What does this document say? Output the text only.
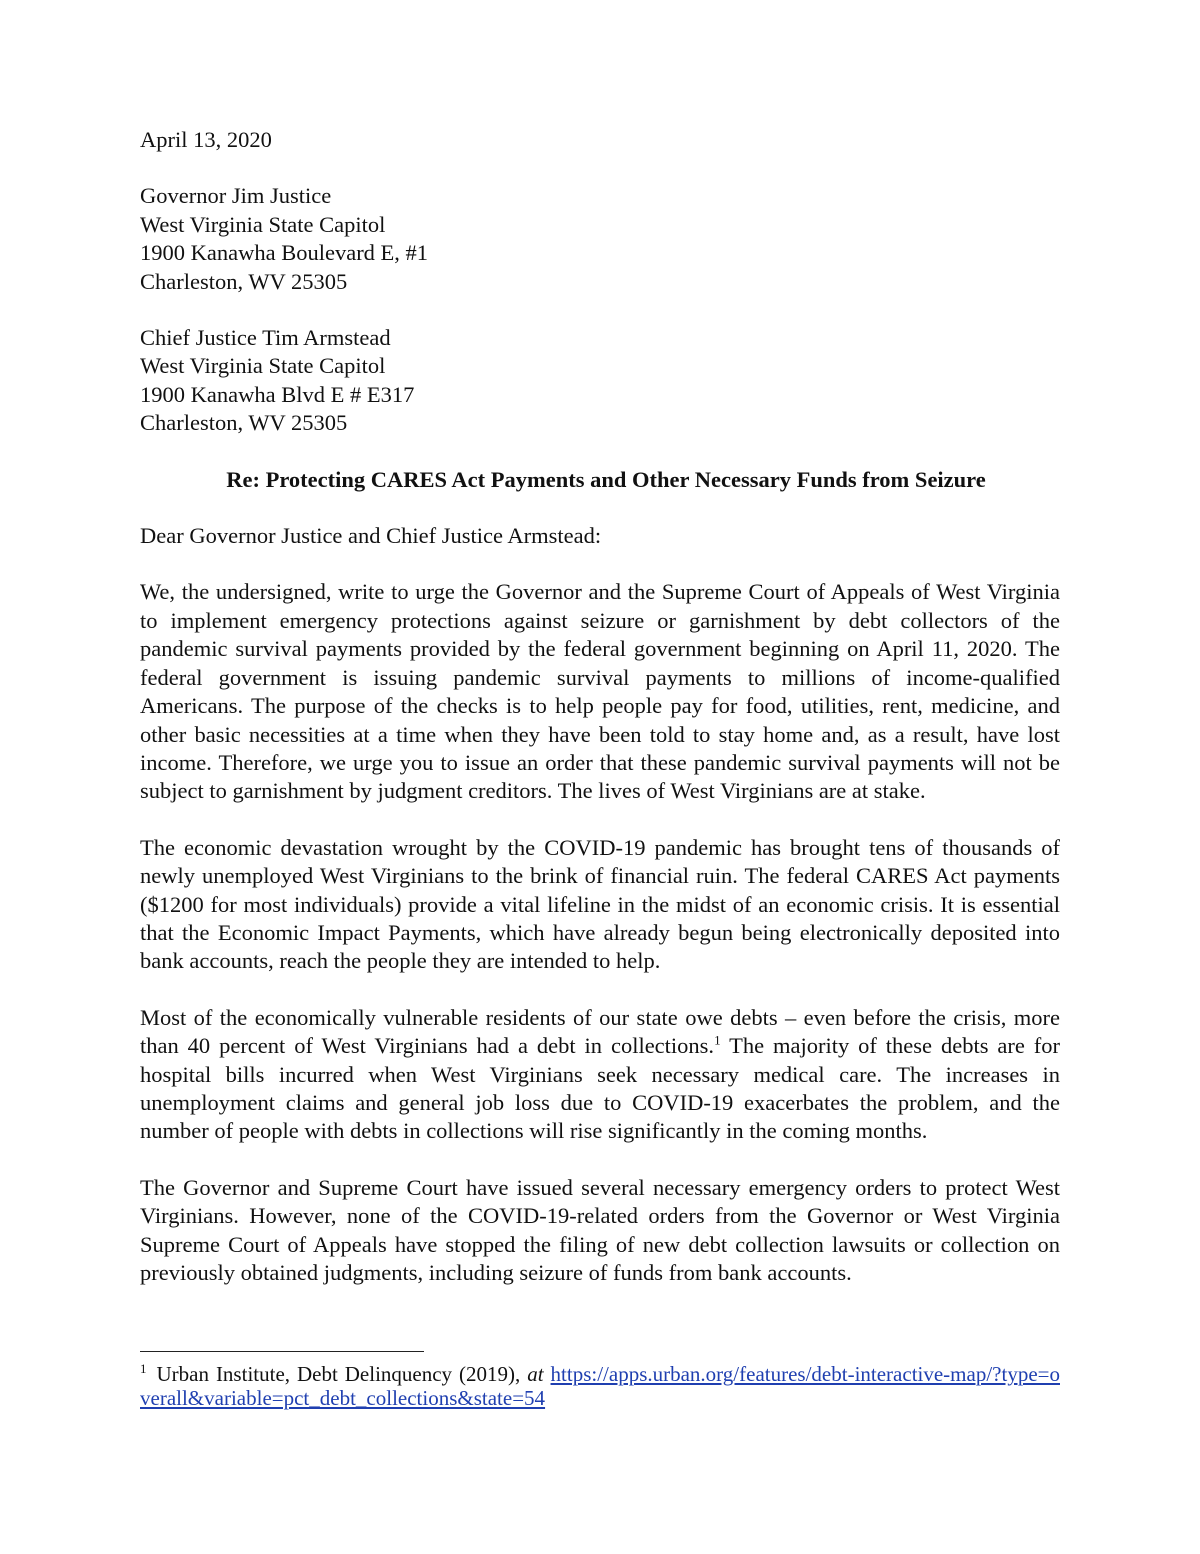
April 13, 2020
Governor Jim Justice
West Virginia State Capitol
1900 Kanawha Boulevard E, #1
Charleston, WV 25305
Chief Justice Tim Armstead
West Virginia State Capitol
1900 Kanawha Blvd E # E317
Charleston, WV 25305
Re: Protecting CARES Act Payments and Other Necessary Funds from Seizure
Dear Governor Justice and Chief Justice Armstead:

We, the undersigned, write to urge the Governor and the Supreme Court of Appeals of West Virginia to implement emergency protections against seizure or garnishment by debt collectors of the pandemic survival payments provided by the federal government beginning on April 11, 2020. The federal government is issuing pandemic survival payments to millions of income-qualified Americans. The purpose of the checks is to help people pay for food, utilities, rent, medicine, and other basic necessities at a time when they have been told to stay home and, as a result, have lost income. Therefore, we urge you to issue an order that these pandemic survival payments will not be subject to garnishment by judgment creditors. The lives of West Virginians are at stake.

The economic devastation wrought by the COVID-19 pandemic has brought tens of thousands of newly unemployed West Virginians to the brink of financial ruin. The federal CARES Act payments ($1200 for most individuals) provide a vital lifeline in the midst of an economic crisis. It is essential that the Economic Impact Payments, which have already begun being electronically deposited into bank accounts, reach the people they are intended to help.

Most of the economically vulnerable residents of our state owe debts – even before the crisis, more than 40 percent of West Virginians had a debt in collections.$^1$ The majority of these debts are for hospital bills incurred when West Virginians seek necessary medical care. The increases in unemployment claims and general job loss due to COVID-19 exacerbates the problem, and the number of people with debts in collections will rise significantly in the coming months.

The Governor and Supreme Court have issued several necessary emergency orders to protect West Virginians. However, none of the COVID-19-related orders from the Governor or West Virginia Supreme Court of Appeals have stopped the filing of new debt collection lawsuits or collection on previously obtained judgments, including seizure of funds from bank accounts.

$^1$ Urban Institute, Debt Delinquency (2019), at https://apps.urban.org/features/debt-interactive-map/?type=overall&variable=pct_debt_collections&state=54
